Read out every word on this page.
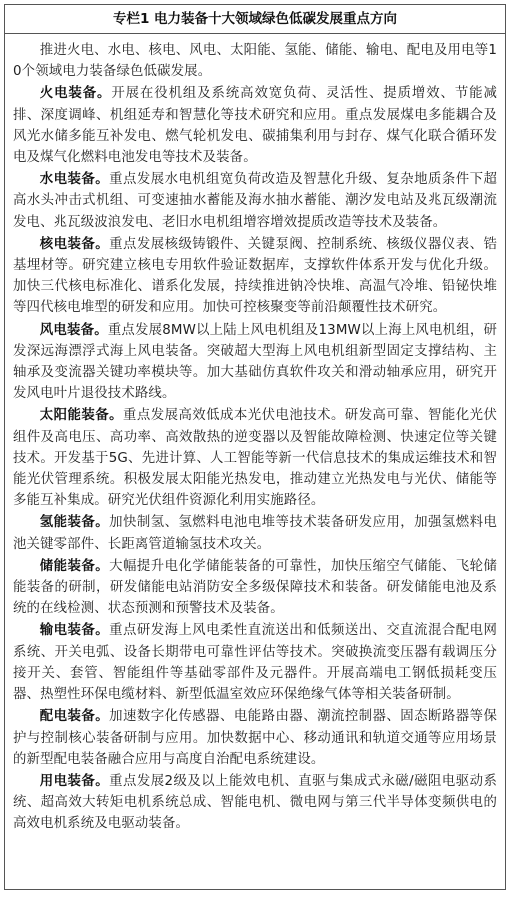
专栏1 电力装备十大领域绿色低碳发展重点方向

推进火电、水电、核电、风电、太阳能、氢能、储能、输电、配电及用电等10个领域电力装备绿色低碳发展。

火电装备。开展在役机组及系统高效宽负荷、灵活性、提质增效、节能减排、深度调峰、机组延寿和智慧化等技术研究和应用。重点发展煤电多能耦合及风光水储多能互补发电、燃气轮机发电、碳捕集利用与封存、煤气化联合循环发电及煤气化燃料电池发电等技术及装备。

水电装备。重点发展水电机组宽负荷改造及智慧化升级、复杂地质条件下超高水头冲击式机组、可变速抽水蓄能及海水抽水蓄能、潮汐发电站及兆瓦级潮流发电、兆瓦级波浪发电、老旧水电机组增容增效提质改造等技术及装备。

核电装备。重点发展核级铸锻件、关键泵阀、控制系统、核级仪器仪表、锆基埋材等。研究建立核电专用软件验证数据库，支撑软件体系开发与优化升级。加快三代核电标准化、谱系化发展，持续推进钠冷快堆、高温气冷堆、铅铋快堆等四代核电堆型的研发和应用。加快可控核聚变等前沿颠覆性技术研究。

风电装备。重点发展8MW以上陆上风电机组及13MW以上海上风电机组，研发深远海漂浮式海上风电装备。突破超大型海上风电机组新型固定支撑结构、主轴承及变流器关键功率模块等。加大基础仿真软件攻关和滑动轴承应用，研究开发风电叶片退役技术路线。

太阳能装备。重点发展高效低成本光伏电池技术。研发高可靠、智能化光伏组件及高电压、高功率、高效散热的逆变器以及智能故障检测、快速定位等关键技术。开发基于5G、先进计算、人工智能等新一代信息技术的集成运维技术和智能光伏管理系统。积极发展太阳能光热发电，推动建立光热发电与光伏、储能等多能互补集成。研究光伏组件资源化利用实施路径。

氢能装备。加快制氢、氢燃料电池电堆等技术装备研发应用，加强氢燃料电池关键零部件、长距离管道输氢技术攻关。

储能装备。大幅提升电化学储能装备的可靠性，加快压缩空气储能、飞轮储能装备的研制，研发储能电站消防安全多级保障技术和装备。研发储能电池及系统的在线检测、状态预测和预警技术及装备。

输电装备。重点研发海上风电柔性直流送出和低频送出、交直流混合配电网系统、开关电弧、设备长期带电可靠性评估等技术。突破换流变压器有载调压分接开关、套管、智能组件等基础零部件及元器件。开展高端电工钢低损耗变压器、热塑性环保电缆材料、新型低温室效应环保绝缘气体等相关装备研制。

配电装备。加速数字化传感器、电能路由器、潮流控制器、固态断路器等保护与控制核心装备研制与应用。加快数据中心、移动通讯和轨道交通等应用场景的新型配电装备融合应用与高度自治配电系统建设。

用电装备。重点发展2级及以上能效电机、直驱与集成式永磁/磁阻电驱动系统、超高效大转矩电机系统总成、智能电机、微电网与第三代半导体变频供电的高效电机系统及电驱动装备。
